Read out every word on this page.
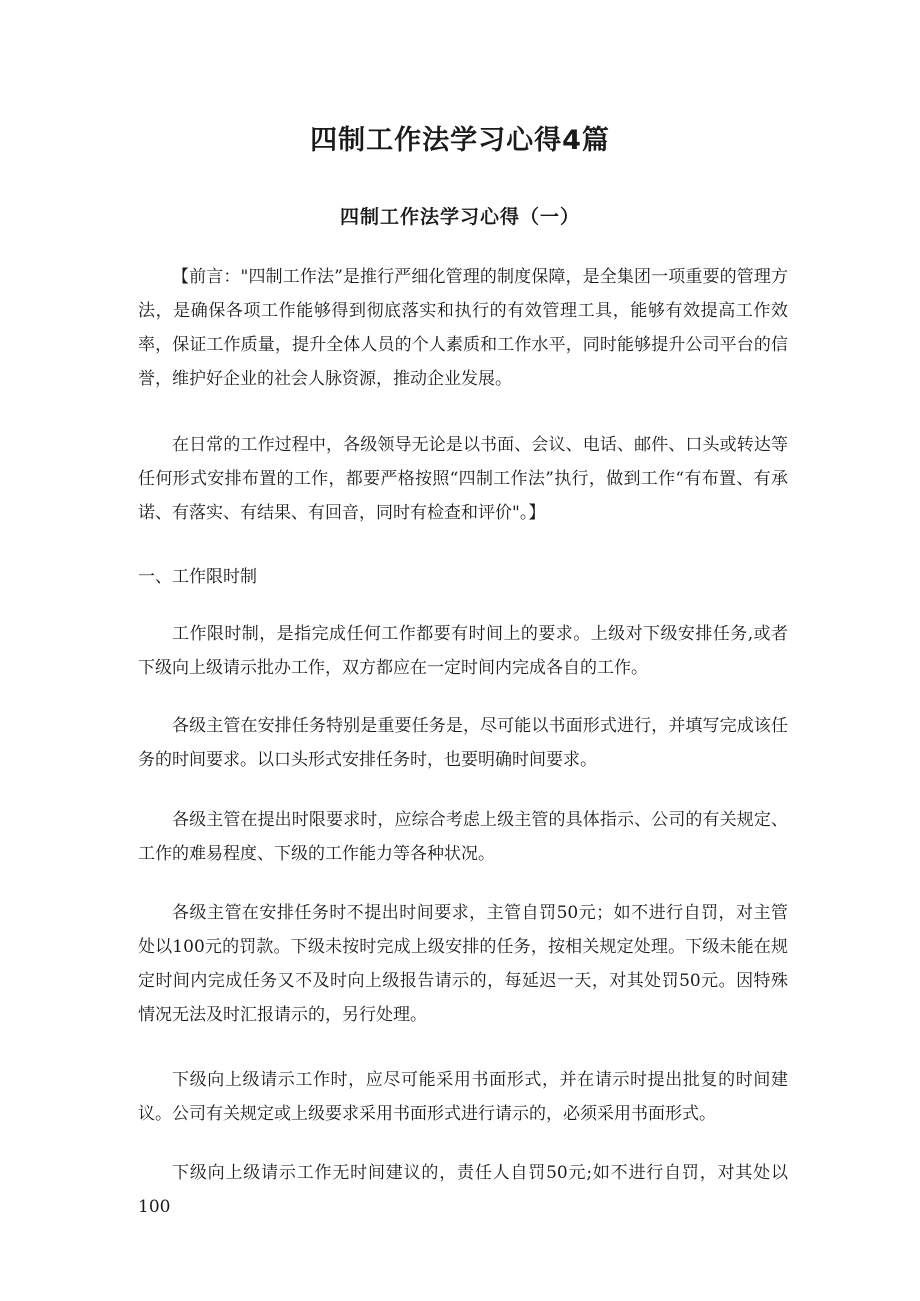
四制工作法学习心得4篇
四制工作法学习心得（一）

【前言："四制工作法”是推行严细化管理的制度保障，是全集团一项重要的管理方法，是确保各项工作能够得到彻底落实和执行的有效管理工具，能够有效提高工作效率，保证工作质量，提升全体人员的个人素质和工作水平，同时能够提升公司平台的信誉，维护好企业的社会人脉资源，推动企业发展。

在日常的工作过程中，各级领导无论是以书面、会议、电话、邮件、口头或转达等任何形式安排布置的工作，都要严格按照“四制工作法”执行，做到工作“有布置、有承诺、有落实、有结果、有回音，同时有检查和评价"。】

一、工作限时制

工作限时制，是指完成任何工作都要有时间上的要求。上级对下级安排任务,或者下级向上级请示批办工作，双方都应在一定时间内完成各自的工作。

各级主管在安排任务特别是重要任务是，尽可能以书面形式进行，并填写完成该任务的时间要求。以口头形式安排任务时，也要明确时间要求。

各级主管在提出时限要求时，应综合考虑上级主管的具体指示、公司的有关规定、工作的难易程度、下级的工作能力等各种状况。

各级主管在安排任务时不提出时间要求，主管自罚50元；如不进行自罚，对主管处以100元的罚款。下级未按时完成上级安排的任务，按相关规定处理。下级未能在规定时间内完成任务又不及时向上级报告请示的，每延迟一天，对其处罚50元。因特殊情况无法及时汇报请示的，另行处理。

下级向上级请示工作时，应尽可能采用书面形式，并在请示时提出批复的时间建议。公司有关规定或上级要求采用书面形式进行请示的，必须采用书面形式。

下级向上级请示工作无时间建议的，责任人自罚50元;如不进行自罚，对其处以100
